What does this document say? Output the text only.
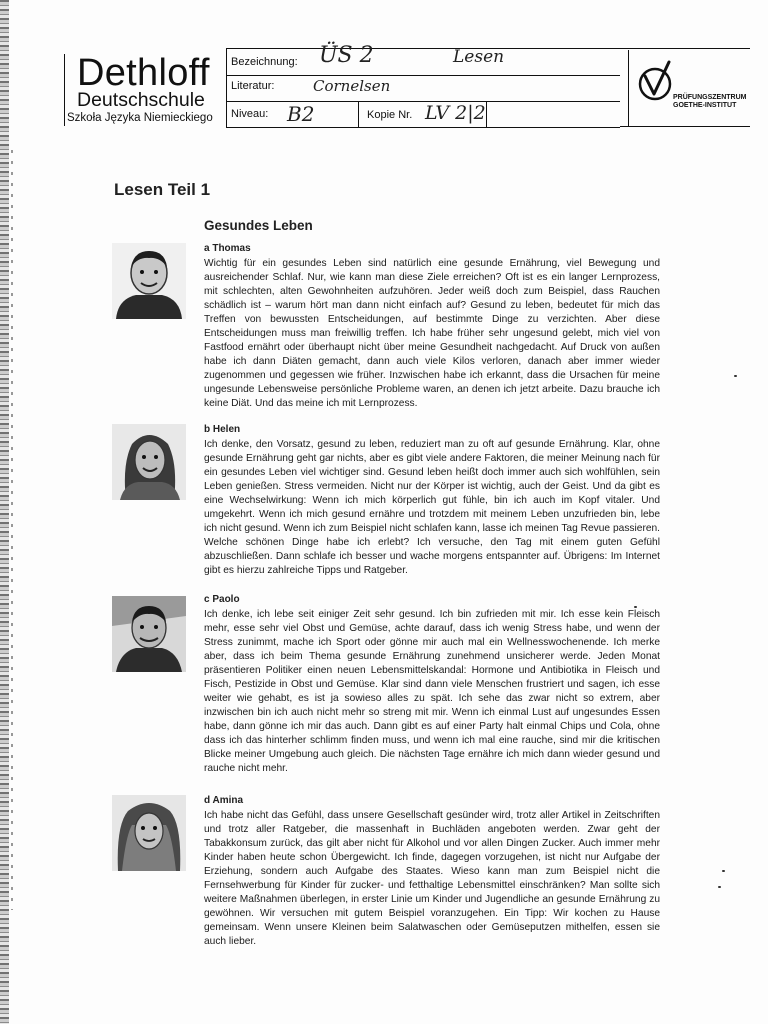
Dethloff
Deutschschule
Szkoła Języka Niemieckiego
Bezeichnung: ÜS 2	Lesen
Literatur:	Cornelsen
Niveau: B2	Kopie Nr. LV 2|2
PRÜFUNGSZENTRUM
GOETHE-INSTITUT
Lesen Teil 1
Gesundes Leben
a Thomas
Wichtig für ein gesundes Leben sind natürlich eine gesunde Ernährung, viel Bewegung und ausreichender Schlaf. Nur, wie kann man diese Ziele erreichen? Oft ist es ein langer Lernprozess, mit schlechten, alten Gewohnheiten aufzuhören. Jeder weiß doch zum Beispiel, dass Rauchen schädlich ist – warum hört man dann nicht einfach auf? Gesund zu leben, bedeutet für mich das Treffen von bewussten Entscheidungen, auf bestimmte Dinge zu verzichten. Aber diese Entscheidungen muss man freiwillig treffen. Ich habe früher sehr ungesund gelebt, mich viel von Fastfood ernährt oder überhaupt nicht über meine Gesundheit nachgedacht. Auf Druck von außen habe ich dann Diäten gemacht, dann auch viele Kilos verloren, danach aber immer wieder zugenommen und gegessen wie früher. Inzwischen habe ich erkannt, dass die Ursachen für meine ungesunde Lebensweise persönliche Probleme waren, an denen ich jetzt arbeite. Dazu brauche ich keine Diät. Und das meine ich mit Lernprozess.
b Helen
Ich denke, den Vorsatz, gesund zu leben, reduziert man zu oft auf gesunde Ernährung. Klar, ohne gesunde Ernährung geht gar nichts, aber es gibt viele andere Faktoren, die meiner Meinung nach für ein gesundes Leben viel wichtiger sind. Gesund leben heißt doch immer auch sich wohlfühlen, sein Leben genießen. Stress vermeiden. Nicht nur der Körper ist wichtig, auch der Geist. Und da gibt es eine Wechselwirkung: Wenn ich mich körperlich gut fühle, bin ich auch im Kopf vitaler. Und umgekehrt. Wenn ich mich gesund ernähre und trotzdem mit meinem Leben unzufrieden bin, lebe ich nicht gesund. Wenn ich zum Beispiel nicht schlafen kann, lasse ich meinen Tag Revue passieren. Welche schönen Dinge habe ich erlebt? Ich versuche, den Tag mit einem guten Gefühl abzuschließen. Dann schlafe ich besser und wache morgens entspannter auf. Übrigens: Im Internet gibt es hierzu zahlreiche Tipps und Ratgeber.
c Paolo
Ich denke, ich lebe seit einiger Zeit sehr gesund. Ich bin zufrieden mit mir. Ich esse kein Fleisch mehr, esse sehr viel Obst und Gemüse, achte darauf, dass ich wenig Stress habe, und wenn der Stress zunimmt, mache ich Sport oder gönne mir auch mal ein Wellnesswochenende. Ich merke aber, dass ich beim Thema gesunde Ernährung zunehmend unsicherer werde. Jeden Monat präsentieren Politiker einen neuen Lebensmittelskandal: Hormone und Antibiotika in Fleisch und Fisch, Pestizide in Obst und Gemüse. Klar sind dann viele Menschen frustriert und sagen, ich esse weiter wie gehabt, es ist ja sowieso alles zu spät. Ich sehe das zwar nicht so extrem, aber inzwischen bin ich auch nicht mehr so streng mit mir. Wenn ich einmal Lust auf ungesundes Essen habe, dann gönne ich mir das auch. Dann gibt es auf einer Party halt einmal Chips und Cola, ohne dass ich das hinterher schlimm finden muss, und wenn ich mal eine rauche, sind mir die kritischen Blicke meiner Umgebung auch gleich. Die nächsten Tage ernähre ich mich dann wieder gesund und rauche nicht mehr.
d Amina
Ich habe nicht das Gefühl, dass unsere Gesellschaft gesünder wird, trotz aller Artikel in Zeitschriften und trotz aller Ratgeber, die massenhaft in Buchläden angeboten werden. Zwar geht der Tabakkonsum zurück, das gilt aber nicht für Alkohol und vor allen Dingen Zucker. Auch immer mehr Kinder haben heute schon Übergewicht. Ich finde, dagegen vorzugehen, ist nicht nur Aufgabe der Erziehung, sondern auch Aufgabe des Staates. Wieso kann man zum Beispiel nicht die Fernsehwerbung für Kinder für zucker- und fetthaltige Lebensmittel einschränken? Man sollte sich weitere Maßnahmen überlegen, in erster Linie um Kinder und Jugendliche an gesunde Ernährung zu gewöhnen. Wir versuchen mit gutem Beispiel voranzugehen. Ein Tipp: Wir kochen zu Hause gemeinsam. Wenn unsere Kleinen beim Salatwaschen oder Gemüseputzen mithelfen, essen sie auch lieber.
